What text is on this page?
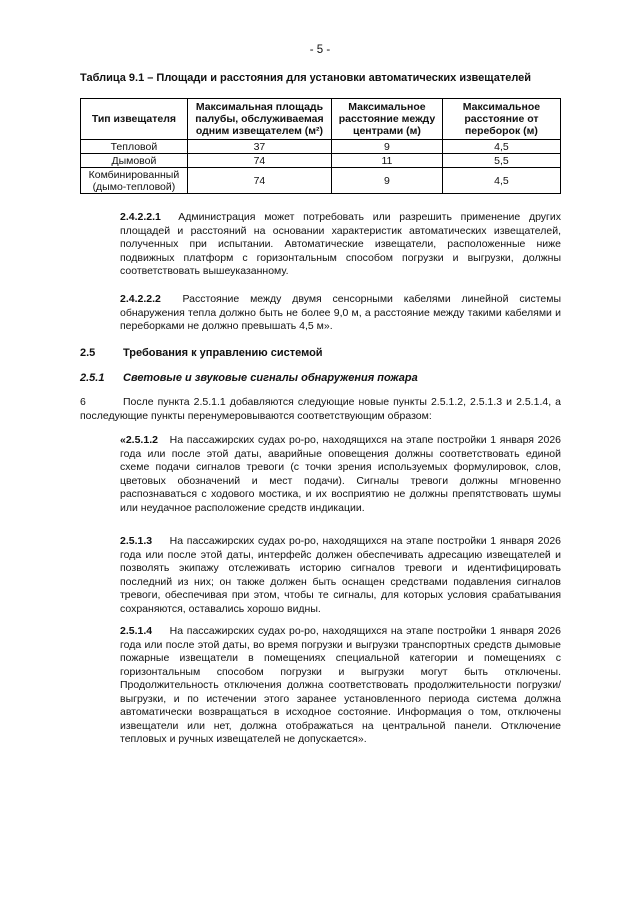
- 5 -
Таблица 9.1 – Площади и расстояния для установки автоматических извещателей
Тип извещателя	Максимальная площадь палубы, обслуживаемая одним извещателем (м²)	Максимальное расстояние между центрами (м)	Максимальное расстояние от переборок (м)
Тепловой	37	9	4,5
Дымовой	74	11	5,5
Комбинированный (дымо-тепловой)	74	9	4,5
2.4.2.2.1 Администрация может потребовать или разрешить применение других площадей и расстояний на основании характеристик автоматических извещателей, полученных при испытании. Автоматические извещатели, расположенные ниже подвижных платформ с горизонтальным способом погрузки и выгрузки, должны соответствовать вышеуказанному.
2.4.2.2.2 Расстояние между двумя сенсорными кабелями линейной системы обнаружения тепла должно быть не более 9,0 м, а расстояние между такими кабелями и переборками не должно превышать 4,5 м».
2.5	Требования к управлению системой
2.5.1 Световые и звуковые сигналы обнаружения пожара
6	После пункта 2.5.1.1 добавляются следующие новые пункты 2.5.1.2, 2.5.1.3 и 2.5.1.4, а последующие пункты перенумеровываются соответствующим образом:
«2.5.1.2 На пассажирских судах ро-ро, находящихся на этапе постройки 1 января 2026 года или после этой даты, аварийные оповещения должны соответствовать единой схеме подачи сигналов тревоги (с точки зрения используемых формулировок, слов, цветовых обозначений и мест подачи). Сигналы тревоги должны мгновенно распознаваться с ходового мостика, и их восприятию не должны препятствовать шумы или неудачное расположение средств индикации.
2.5.1.3 На пассажирских судах ро-ро, находящихся на этапе постройки 1 января 2026 года или после этой даты, интерфейс должен обеспечивать адресацию извещателей и позволять экипажу отслеживать историю сигналов тревоги и идентифицировать последний из них; он также должен быть оснащен средствами подавления сигналов тревоги, обеспечивая при этом, чтобы те сигналы, для которых условия срабатывания сохраняются, оставались хорошо видны.
2.5.1.4 На пассажирских судах ро-ро, находящихся на этапе постройки 1 января 2026 года или после этой даты, во время погрузки и выгрузки транспортных средств дымовые пожарные извещатели в помещениях специальной категории и помещениях с горизонтальным способом погрузки и выгрузки могут быть отключены. Продолжительность отключения должна соответствовать продолжительности погрузки/выгрузки, и по истечении этого заранее установленного периода система должна автоматически возвращаться в исходное состояние. Информация о том, отключены извещатели или нет, должна отображаться на центральной панели. Отключение тепловых и ручных извещателей не допускается».
